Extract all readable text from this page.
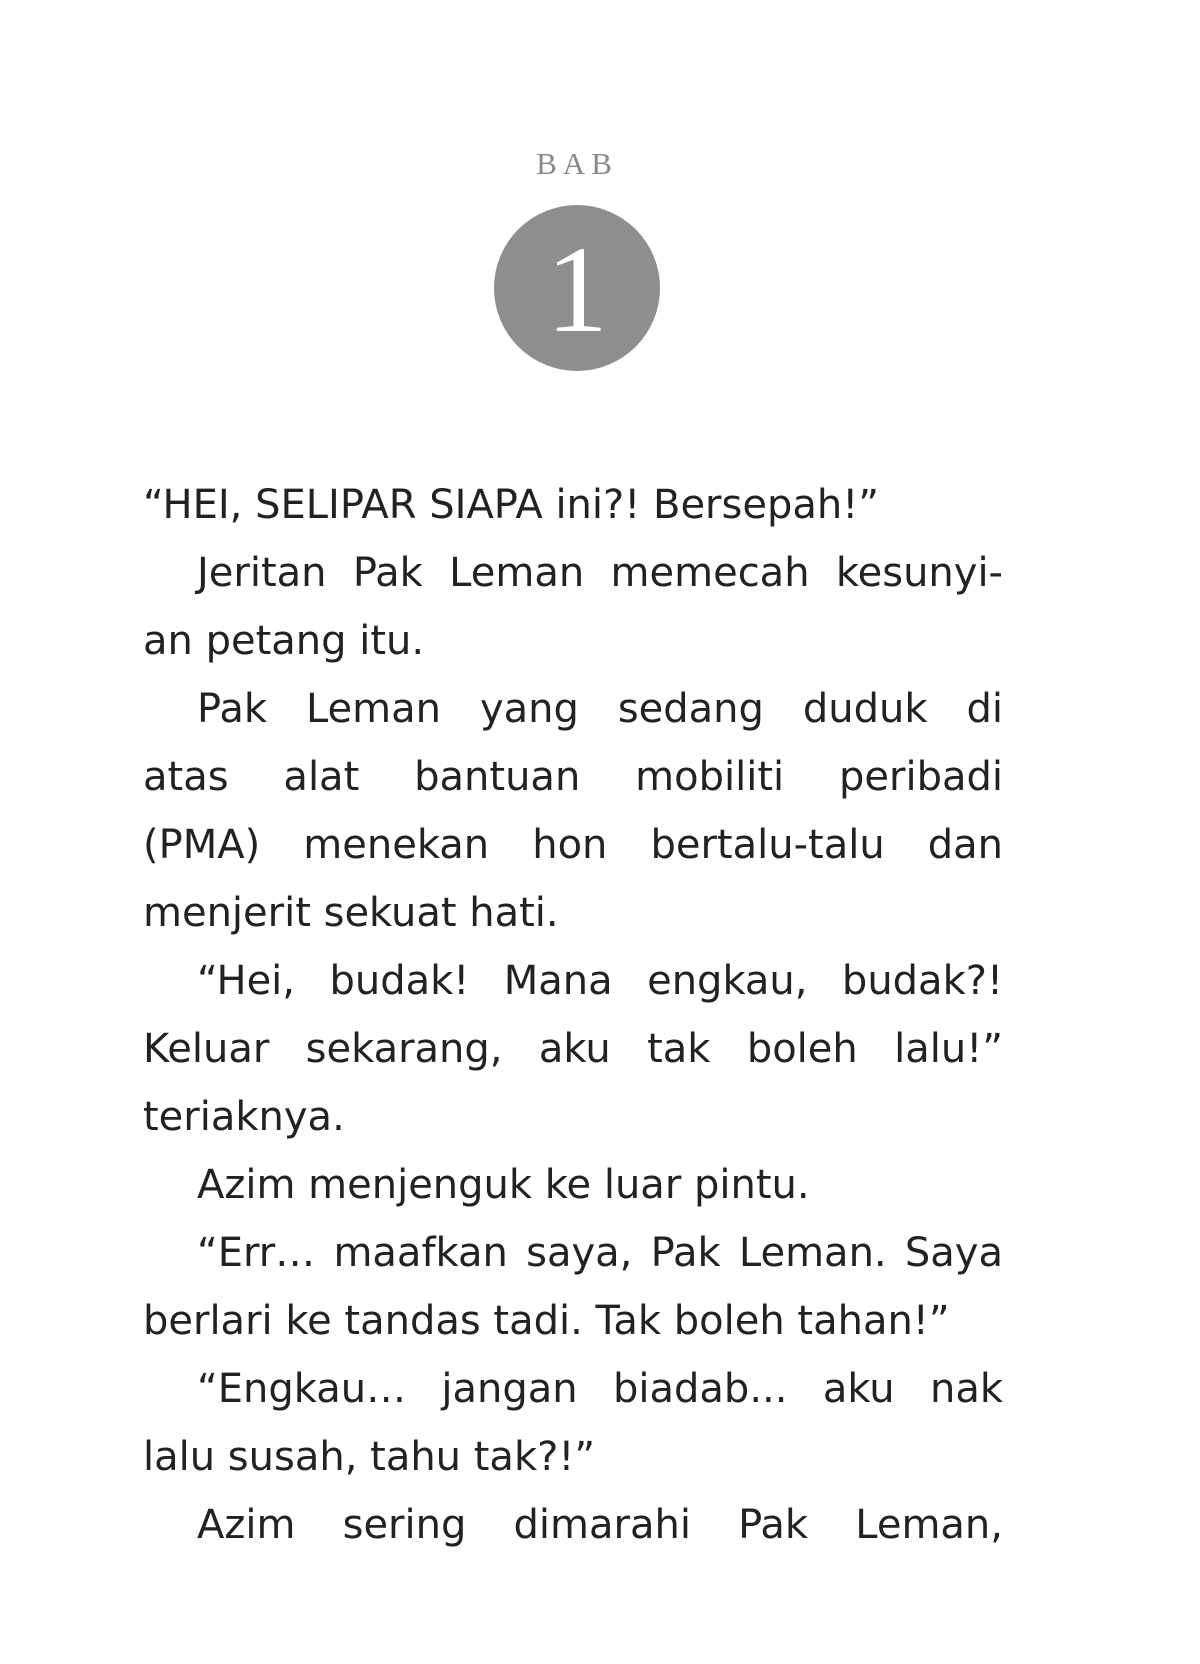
BAB
1
“HEI, SELIPAR SIAPA ini?! Bersepah!”
Jeritan Pak Leman memecah kesunyi-
an petang itu.
Pak Leman yang sedang duduk di
atas alat bantuan mobiliti peribadi
(PMA) menekan hon bertalu-talu dan
menjerit sekuat hati.
“Hei, budak! Mana engkau, budak?!
Keluar sekarang, aku tak boleh lalu!”
teriaknya.
Azim menjenguk ke luar pintu.
“Err… maafkan saya, Pak Leman. Saya
berlari ke tandas tadi. Tak boleh tahan!”
“Engkau… jangan biadab... aku nak
lalu susah, tahu tak?!”
Azim sering dimarahi Pak Leman,
